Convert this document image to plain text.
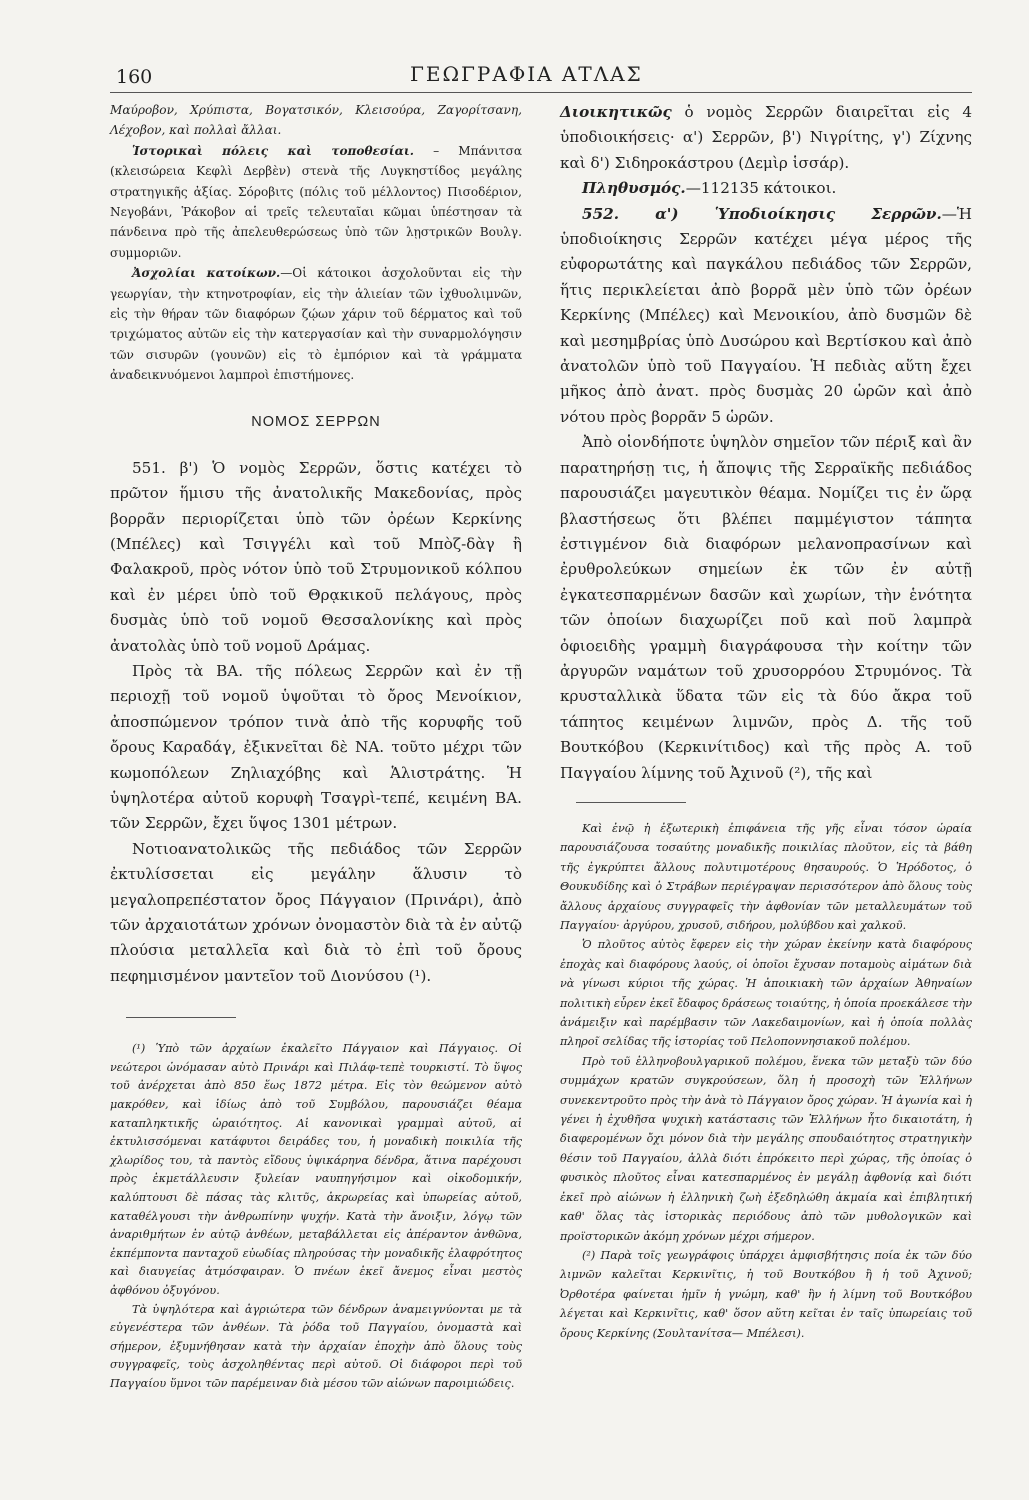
160	ΓΕΩΓΡΑΦΙΑ ΑΤΛΑΣ

Μαύροβον, Χρύπιστα, Βογατσικόν, Κλεισούρα, Ζαγορίτσανη, Λέχοβον, καὶ πολλαὶ ἄλλαι.

Ἱστορικαὶ πόλεις καὶ τοποθεσίαι. – Μπάνιτσα (κλεισώρεια Κεφλὶ Δερβὲν) στενὰ τῆς Λυγκηστίδος μεγάλης στρατηγικῆς ἀξίας. Σόροβιτς (πόλις τοῦ μέλλοντος) Πισοδέριον, Νεγοβάνι, Ῥάκοβον αἱ τρεῖς τελευταῖαι κῶμαι ὑπέστησαν τὰ πάνδεινα πρὸ τῆς ἀπελευθερώσεως ὑπὸ τῶν λῃστρικῶν Βουλγ. συμμοριῶν.

Ἀσχολίαι κατοίκων.—Οἱ κάτοικοι ἀσχολοῦνται εἰς τὴν γεωργίαν, τὴν κτηνοτροφίαν, εἰς τὴν ἁλιείαν τῶν ἰχθυολιμνῶν, εἰς τὴν θήραν τῶν διαφόρων ζῴων χάριν τοῦ δέρματος καὶ τοῦ τριχώματος αὐτῶν εἰς τὴν κατεργασίαν καὶ τὴν συναρμολόγησιν τῶν σισυρῶν (γουνῶν) εἰς τὸ ἐμπόριον καὶ τὰ γράμματα ἀναδεικνυόμενοι λαμπροὶ ἐπιστήμονες.

ΝΟΜΟΣ ΣΕΡΡΩΝ

551. β') Ὁ νομὸς Σερρῶν, ὅστις κατέχει τὸ πρῶτον ἥμισυ τῆς ἀνατολικῆς Μακεδονίας, πρὸς βορρᾶν περιορίζεται ὑπὸ τῶν ὀρέων Κερκίνης (Μπέλες) καὶ Τσιγγέλι καὶ τοῦ Μπὸζ-δὰγ ἢ Φαλακροῦ, πρὸς νότον ὑπὸ τοῦ Στρυμονικοῦ κόλπου καὶ ἐν μέρει ὑπὸ τοῦ Θρᾳκικοῦ πελάγους, πρὸς δυσμὰς ὑπὸ τοῦ νομοῦ Θεσσαλονίκης καὶ πρὸς ἀνατολὰς ὑπὸ τοῦ νομοῦ Δράμας.

Πρὸς τὰ ΒΑ. τῆς πόλεως Σερρῶν καὶ ἐν τῇ περιοχῇ τοῦ νομοῦ ὑψοῦται τὸ ὄρος Μενοίκιον, ἀποσπώμενον τρόπον τινὰ ἀπὸ τῆς κορυφῆς τοῦ ὄρους Καραδάγ, ἐξικνεῖται δὲ ΝΑ. τοῦτο μέχρι τῶν κωμοπόλεων Ζηλιαχόβης καὶ Ἁλιστράτης. Ἡ ὑψηλοτέρα αὐτοῦ κορυφὴ Τσαγρὶ-τεπέ, κειμένη ΒΑ. τῶν Σερρῶν, ἔχει ὕψος 1301 μέτρων.

Νοτιοανατολικῶς τῆς πεδιάδος τῶν Σερρῶν ἐκτυλίσσεται εἰς μεγάλην ἅλυσιν τὸ μεγαλοπρεπέστατον ὄρος Πάγγαιον (Πρινάρι), ἀπὸ τῶν ἀρχαιοτάτων χρόνων ὀνομαστὸν διὰ τὰ ἐν αὐτῷ πλούσια μεταλλεῖα καὶ διὰ τὸ ἐπὶ τοῦ ὄρους πεφημισμένον μαντεῖον τοῦ Διονύσου (¹).

(¹) Ὑπὸ τῶν ἀρχαίων ἐκαλεῖτο Πάγγαιον καὶ Πάγγαιος. Οἱ νεώτεροι ὠνόμασαν αὐτὸ Πρινάρι καὶ Πιλάφ-τεπὲ τουρκιστί. Τὸ ὕψος τοῦ ἀνέρχεται ἀπὸ 850 ἕως 1872 μέτρα. Εἰς τὸν θεώμενον αὐτὸ μακρόθεν, καὶ ἰδίως ἀπὸ τοῦ Συμβόλου, παρουσιάζει θέαμα καταπληκτικῆς ὡραιότητος. Αἱ κανονικαὶ γραμμαὶ αὐτοῦ, αἱ ἐκτυλισσόμεναι κατάφυτοι δειράδες του, ἡ μοναδικὴ ποικιλία τῆς χλωρίδος του, τὰ παντὸς εἴδους ὑψικάρηνα δένδρα, ἅτινα παρέχουσι πρὸς ἐκμετάλλευσιν ξυλείαν ναυπηγήσιμον καὶ οἰκοδομικήν, καλύπτουσι δὲ πάσας τὰς κλιτῦς, ἀκρωρείας καὶ ὑπωρείας αὐτοῦ, καταθέλγουσι τὴν ἀνθρωπίνην ψυχήν. Κατὰ τὴν ἄνοιξιν, λόγῳ τῶν ἀναριθμήτων ἐν αὐτῷ ἀνθέων, μεταβάλλεται εἰς ἀπέραντον ἀνθῶνα, ἐκπέμποντα πανταχοῦ εὐωδίας πληρούσας τὴν μοναδικῆς ἐλαφρότητος καὶ διαυγείας ἀτμόσφαιραν. Ὁ πνέων ἐκεῖ ἄνεμος εἶναι μεστὸς ἀφθόνου ὀξυγόνου.

Τὰ ὑψηλότερα καὶ ἀγριώτερα τῶν δένδρων ἀναμειγνύονται με τὰ εὐγενέστερα τῶν ἀνθέων. Τὰ ῥόδα τοῦ Παγγαίου, ὀνομαστὰ καὶ σήμερον, ἐξυμνήθησαν κατὰ τὴν ἀρχαίαν ἐποχὴν ἀπὸ ὅλους τοὺς συγγραφεῖς, τοὺς ἀσχοληθέντας περὶ αὐτοῦ. Οἱ διάφοροι περὶ τοῦ Παγγαίου ὕμνοι τῶν παρέμειναν διὰ μέσου τῶν αἰώνων παροιμιώδεις.

Διοικητικῶς ὁ νομὸς Σερρῶν διαιρεῖται εἰς 4 ὑποδιοικήσεις· α') Σερρῶν, β') Νιγρίτης, γ') Ζίχνης καὶ δ') Σιδηροκάστρου (Δεμὶρ ἱσσάρ).

Πληθυσμός.—112135 κάτοικοι.

552. α') Ὑποδιοίκησις Σερρῶν.—Ἡ ὑποδιοίκησις Σερρῶν κατέχει μέγα μέρος τῆς εὐφορωτάτης καὶ παγκάλου πεδιάδος τῶν Σερρῶν, ἥτις περικλείεται ἀπὸ βορρᾶ μὲν ὑπὸ τῶν ὀρέων Κερκίνης (Μπέλες) καὶ Μενοικίου, ἀπὸ δυσμῶν δὲ καὶ μεσημβρίας ὑπὸ Δυσώρου καὶ Βερτίσκου καὶ ἀπὸ ἀνατολῶν ὑπὸ τοῦ Παγγαίου. Ἡ πεδιὰς αὕτη ἔχει μῆκος ἀπὸ ἀνατ. πρὸς δυσμὰς 20 ὡρῶν καὶ ἀπὸ νότου πρὸς βορρᾶν 5 ὡρῶν.

Ἀπὸ οἱονδήποτε ὑψηλὸν σημεῖον τῶν πέριξ καὶ ἂν παρατηρήσῃ τις, ἡ ἄποψις τῆς Σερραϊκῆς πεδιάδος παρουσιάζει μαγευτικὸν θέαμα. Νομίζει τις ἐν ὥρᾳ βλαστήσεως ὅτι βλέπει παμμέγιστον τάπητα ἐστιγμένον διὰ διαφόρων μελανοπρασίνων καὶ ἐρυθρολεύκων σημείων ἐκ τῶν ἐν αὐτῇ ἐγκατεσπαρμένων δασῶν καὶ χωρίων, τὴν ἑνότητα τῶν ὁποίων διαχωρίζει ποῦ καὶ ποῦ λαμπρὰ ὀφιοειδὴς γραμμὴ διαγράφουσα τὴν κοίτην τῶν ἀργυρῶν ναμάτων τοῦ χρυσορρόου Στρυμόνος. Τὰ κρυσταλλικὰ ὕδατα τῶν εἰς τὰ δύο ἄκρα τοῦ τάπητος κειμένων λιμνῶν, πρὸς Δ. τῆς τοῦ Βουτκόβου (Κερκινίτιδος) καὶ τῆς πρὸς Α. τοῦ Παγγαίου λίμνης τοῦ Ἀχινοῦ (²), τῆς καὶ

Καὶ ἐνῷ ἡ ἐξωτερικὴ ἐπιφάνεια τῆς γῆς εἶναι τόσον ὡραία παρουσιάζουσα τοσαύτης μοναδικῆς ποικιλίας πλοῦτον, εἰς τὰ βάθη τῆς ἐγκρύπτει ἄλλους πολυτιμοτέρους θησαυρούς. Ὁ Ἡρόδοτος, ὁ Θουκυδίδης καὶ ὁ Στράβων περιέγραψαν περισσότερον ἀπὸ ὅλους τοὺς ἄλλους ἀρχαίους συγγραφεῖς τὴν ἀφθονίαν τῶν μεταλλευμάτων τοῦ Παγγαίου· ἀργύρου, χρυσοῦ, σιδήρου, μολύβδου καὶ χαλκοῦ.

Ὁ πλοῦτος αὐτὸς ἔφερεν εἰς τὴν χώραν ἐκείνην κατὰ διαφόρους ἐποχὰς καὶ διαφόρους λαούς, οἱ ὁποῖοι ἔχυσαν ποταμοὺς αἱμάτων διὰ νὰ γίνωσι κύριοι τῆς χώρας. Ἡ ἀποικιακὴ τῶν ἀρχαίων Ἀθηναίων πολιτικὴ εὗρεν ἐκεῖ ἔδαφος δράσεως τοιαύτης, ἡ ὁποία προεκάλεσε τὴν ἀνάμειξιν καὶ παρέμβασιν τῶν Λακεδαιμονίων, καὶ ἡ ὁποία πολλὰς πληροῖ σελίδας τῆς ἱστορίας τοῦ Πελοποννησιακοῦ πολέμου.

Πρὸ τοῦ ἑλληνοβουλγαρικοῦ πολέμου, ἕνεκα τῶν μεταξὺ τῶν δύο συμμάχων κρατῶν συγκρούσεων, ὅλη ἡ προσοχὴ τῶν Ἑλλήνων συνεκεντροῦτο πρὸς τὴν ἀνὰ τὸ Πάγγαιον ὄρος χώραν. Ἡ ἀγωνία καὶ ἡ γένει ἡ ἐχυθῆσα ψυχικὴ κατάστασις τῶν Ἑλλήνων ἦτο δικαιοτάτη, ἡ διαφερομένων ὄχι μόνον διὰ τὴν μεγάλης σπουδαιότητος στρατηγικὴν θέσιν τοῦ Παγγαίου, ἀλλὰ διότι ἐπρόκειτο περὶ χώρας, τῆς ὁποίας ὁ φυσικὸς πλοῦτος εἶναι κατεσπαρμένος ἐν μεγάλῃ ἀφθονίᾳ καὶ διότι ἐκεῖ πρὸ αἰώνων ἡ ἑλληνικὴ ζωὴ ἐξεδηλώθη ἀκμαία καὶ ἐπιβλητική καθ' ὅλας τὰς ἱστορικὰς περιόδους ἀπὸ τῶν μυθολογικῶν καὶ προϊστορικῶν ἀκόμη χρόνων μέχρι σήμερον.

(²) Παρὰ τοῖς γεωγράφοις ὑπάρχει ἀμφισβήτησις ποία ἐκ τῶν δύο λιμνῶν καλεῖται Κερκινῖτις, ἡ τοῦ Βουτκόβου ἢ ἡ τοῦ Ἀχινοῦ; Ὀρθοτέρα φαίνεται ἡμῖν ἡ γνώμη, καθ' ἣν ἡ λίμνη τοῦ Βουτκόβου λέγεται καὶ Κερκινῖτις, καθ' ὅσον αὕτη κεῖται ἐν ταῖς ὑπωρείαις τοῦ ὄρους Κερκίνης (Σουλτανίτσα— Μπέλεσι).
